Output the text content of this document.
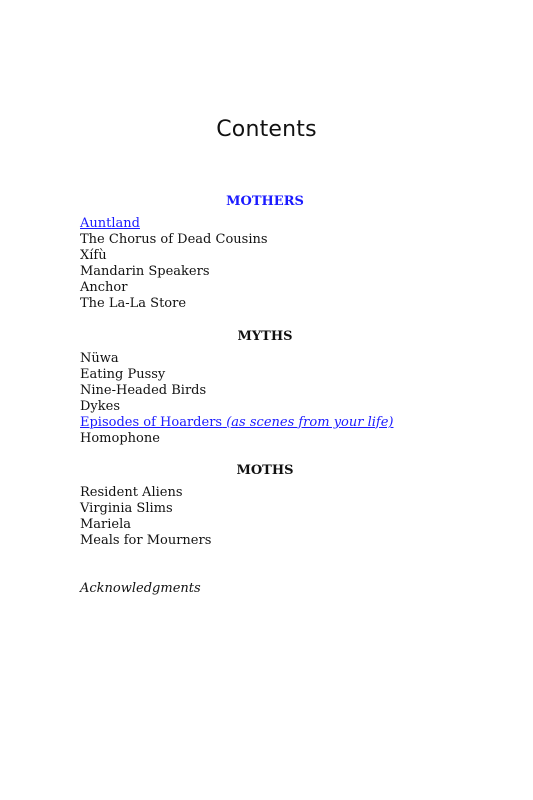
Contents
MOTHERS
Auntland
The Chorus of Dead Cousins
Xífù
Mandarin Speakers
Anchor
The La-La Store
MYTHS
Nüwa
Eating Pussy
Nine-Headed Birds
Dykes
Episodes of Hoarders (as scenes from your life)
Homophone
MOTHS
Resident Aliens
Virginia Slims
Mariela
Meals for Mourners
Acknowledgments
